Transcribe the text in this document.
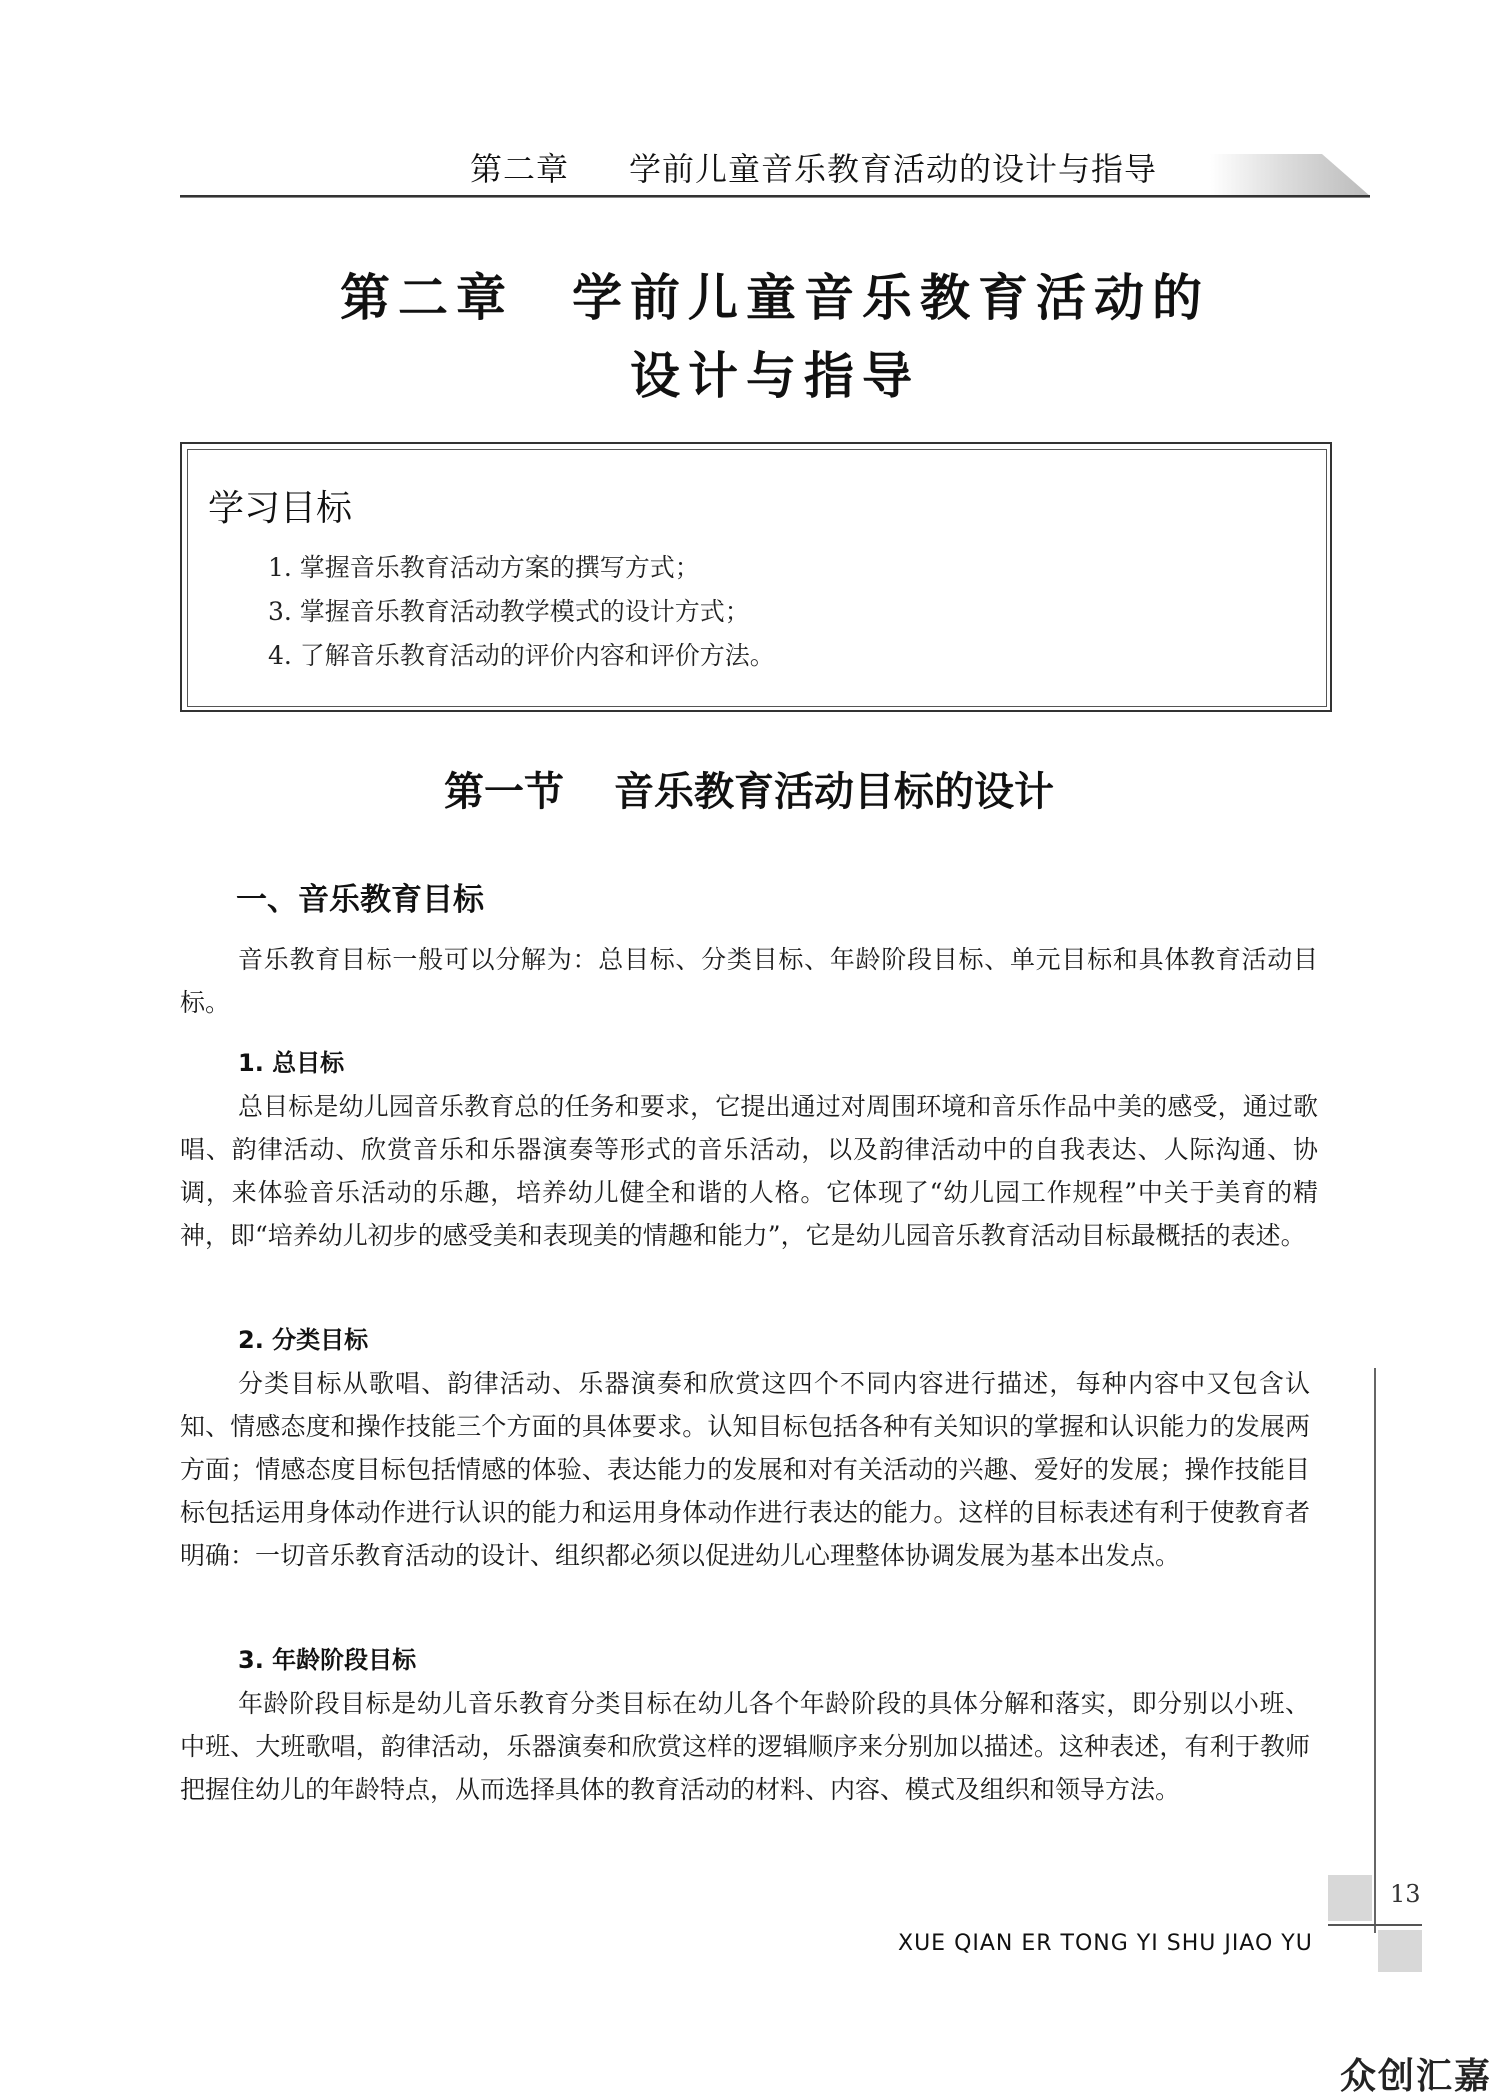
第二章 学前儿童音乐教育活动的设计与指导
第二章　学前儿童音乐教育活动的
设计与指导
学习目标
1. 掌握音乐教育活动方案的撰写方式；
3. 掌握音乐教育活动教学模式的设计方式；
4. 了解音乐教育活动的评价内容和评价方法。
第一节 音乐教育活动目标的设计
一、音乐教育目标
音乐教育目标一般可以分解为：总目标、分类目标、年龄阶段目标、单元目标和具体教育活动目标。
1. 总目标
总目标是幼儿园音乐教育总的任务和要求，它提出通过对周围环境和音乐作品中美的感受，通过歌唱、韵律活动、欣赏音乐和乐器演奏等形式的音乐活动，以及韵律活动中的自我表达、人际沟通、协调，来体验音乐活动的乐趣，培养幼儿健全和谐的人格。它体现了“幼儿园工作规程”中关于美育的精神，即“培养幼儿初步的感受美和表现美的情趣和能力”，它是幼儿园音乐教育活动目标最概括的表述。
2. 分类目标
分类目标从歌唱、韵律活动、乐器演奏和欣赏这四个不同内容进行描述，每种内容中又包含认知、情感态度和操作技能三个方面的具体要求。认知目标包括各种有关知识的掌握和认识能力的发展两方面；情感态度目标包括情感的体验、表达能力的发展和对有关活动的兴趣、爱好的发展；操作技能目标包括运用身体动作进行认识的能力和运用身体动作进行表达的能力。这样的目标表述有利于使教育者明确：一切音乐教育活动的设计、组织都必须以促进幼儿心理整体协调发展为基本出发点。
3. 年龄阶段目标
年龄阶段目标是幼儿音乐教育分类目标在幼儿各个年龄阶段的具体分解和落实，即分别以小班、中班、大班歌唱，韵律活动，乐器演奏和欣赏这样的逻辑顺序来分别加以描述。这种表述，有利于教师把握住幼儿的年龄特点，从而选择具体的教育活动的材料、内容、模式及组织和领导方法。
13
XUE QIAN ER TONG YI SHU JIAO YU
众创汇嘉
